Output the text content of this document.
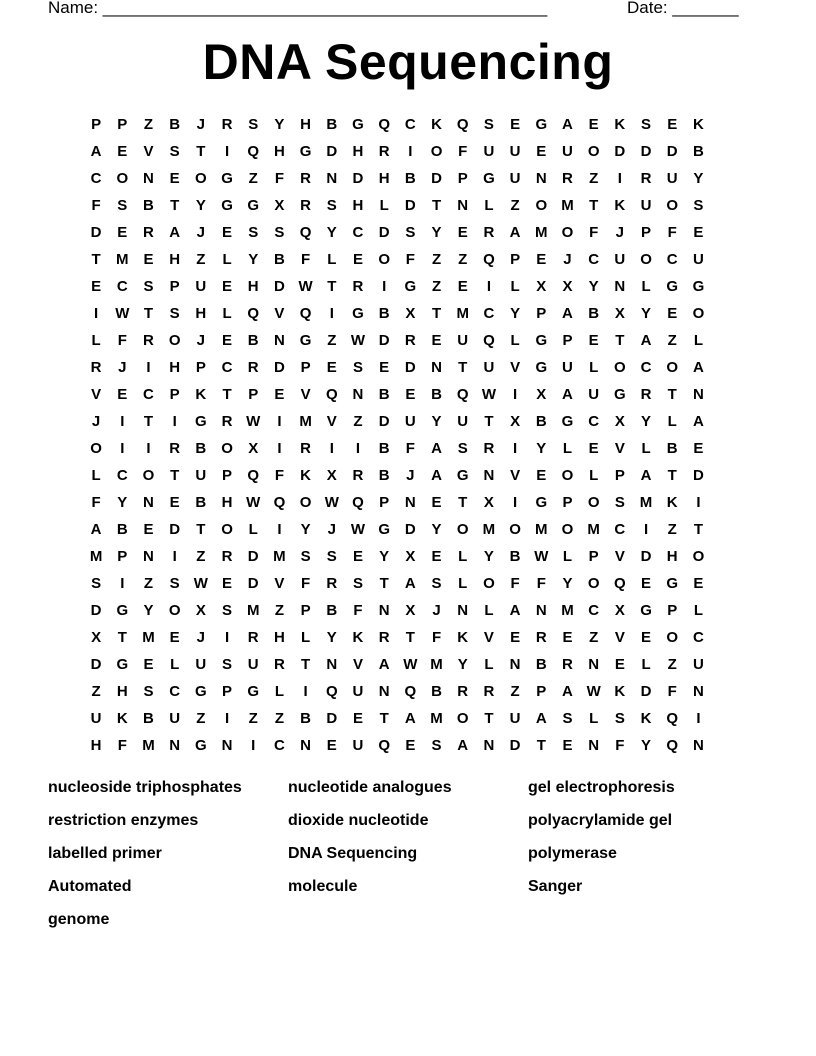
Name: _______________________________________________	Date: _______
DNA Sequencing
P	P	Z	B	J	R	S	Y	H	B G Q C	K Q	S	E	G A	E	K	S	E	K
A	E	V	S	T	I	Q H G D	H	R	I	O	F	U	U	E	U O D	D	D	B
C O N	E	O G	Z	F	R	N	D	H	B	D	P	G U	N	R	Z	I	R	U	Y
F	S	B	T	Y	G G	X	R	S	H	L	D	T	N	L	Z	O M	T	K	U O	S
D	E	R	A	J	E	S	S	Q	Y	C	D	S	Y	E	R	A M O	F	J	P	F	E
T	M E	H	Z	L	Y	B	F	L	E	O	F	Z	Z	Q	P	E	J	C	U O C	U
E	C	S	P	U	E	H	D W T	R	I	G	Z	E	I	L	X	X	Y	N	L	G G
I	W T	S	H	L	Q	V	Q	I	G B	X	T	M C	Y	P	A	B	X	Y	E	O
L	F	R O	J	E	B	N G	Z W D	R	E	U Q	L	G	P	E	T	A	Z	L
R	J	I	H	P	C	R	D	P	E	S	E	D	N	T	U	V	G U	L	O C O A
V	E	C	P	K	T	P	E	V	Q N	B	E	B Q W	I	X	A	U G R	T	N
J	I	T	I	G R W	I	M V	Z	D	U	Y	U	T	X	B G C	X	Y	L	A
O	I	I	R	B O	X	I	R	I	I	B	F	A	S	R	I	Y	L	E	V	L	B	E
L	C O	T	U	P	Q	F	K	X	R	B	J	A G N	V	E	O	L	P	A	T	D
F	Y	N	E	B	H W Q O W Q	P	N	E	T	X	I	G	P	O	S M K	I
A	B	E	D	T	O	L	I	Y	J W G D	Y	O M O M O M C	I	Z	T
M P	N	I	Z	R	D M S	S	E	Y	X	E	L	Y	B W L	P	V	D	H O
S	I	Z	S W E	D	V	F	R	S	T	A	S	L	O	F	F	Y	O Q	E	G	E
D G	Y	O	X	S M	Z	P	B	F	N	X	J	N	L	A	N M C	X	G	P	L
X	T	M E	J	I	R	H	L	Y	K	R	T	F	K	V	E	R	E	Z	V	E	O C
D G	E	L	U	S	U	R	T	N	V	A W M Y	L	N	B	R	N	E	L	Z	U
Z	H	S	C G	P	G	L	I	Q U	N Q B	R	R	Z	P	A W K	D	F	N
U	K	B	U	Z	I	Z	Z	B	D	E	T	A M O	T	U	A	S	L	S	K Q	I
H	F	M N G N	I	C	N	E	U Q	E	S	A	N	D	T	E	N	F	Y	Q N
nucleoside triphosphates	nucleotide analogues	gel electrophoresis
restriction enzymes	dioxide nucleotide	polyacrylamide gel
labelled primer	DNA Sequencing	polymerase
Automated	molecule	Sanger
genome
